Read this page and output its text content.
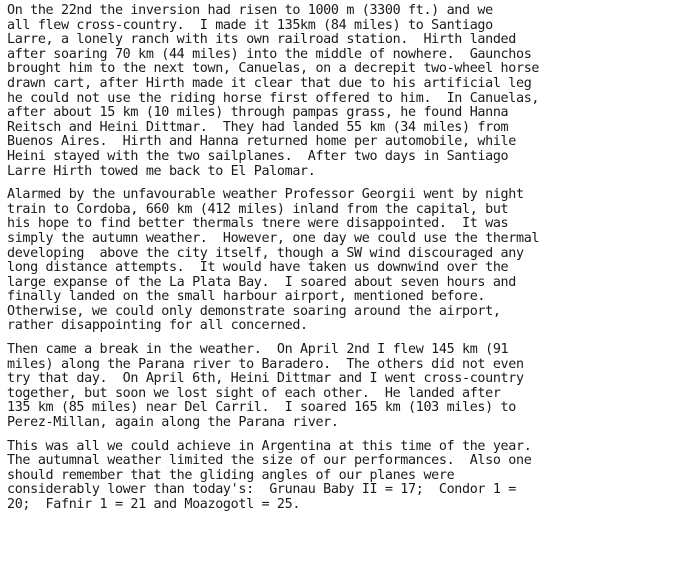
On the 22nd the inversion had risen to 1000 m (3300 ft.) and we
all flew cross-country.  I made it 135km (84 miles) to Santiago
Larre, a lonely ranch with its own railroad station.  Hirth landed
after soaring 70 km (44 miles) into the middle of nowhere.  Gaunchos
brought him to the next town, Canuelas, on a decrepit two-wheel horse
drawn cart, after Hirth made it clear that due to his artificial leg
he could not use the riding horse first offered to him.  In Canuelas,
after about 15 km (10 miles) through pampas grass, he found Hanna
Reitsch and Heini Dittmar.  They had landed 55 km (34 miles) from
Buenos Aires.  Hirth and Hanna returned home per automobile, while
Heini stayed with the two sailplanes.  After two days in Santiago
Larre Hirth towed me back to El Palomar.
Alarmed by the unfavourable weather Professor Georgii went by night
train to Cordoba, 660 km (412 miles) inland from the capital, but
his hope to find better thermals tnere were disappointed.  It was
simply the autumn weather.  However, one day we could use the thermal
developing  above the city itself, though a SW wind discouraged any
long distance attempts.  It would have taken us downwind over the
large expanse of the La Plata Bay.  I soared about seven hours and
finally landed on the small harbour airport, mentioned before.
Otherwise, we could only demonstrate soaring around the airport,
rather disappointing for all concerned.
Then came a break in the weather.  On April 2nd I flew 145 km (91
miles) along the Parana river to Baradero.  The others did not even
try that day.  On April 6th, Heini Dittmar and I went cross-country
together, but soon we lost sight of each other.  He landed after
135 km (85 miles) near Del Carril.  I soared 165 km (103 miles) to
Perez-Millan, again along the Parana river.
This was all we could achieve in Argentina at this time of the year.
The autumnal weather limited the size of our performances.  Also one
should remember that the gliding angles of our planes were
considerably lower than today's:  Grunau Baby II = 17;  Condor 1 =
20;  Fafnir 1 = 21 and Moazogotl = 25.
